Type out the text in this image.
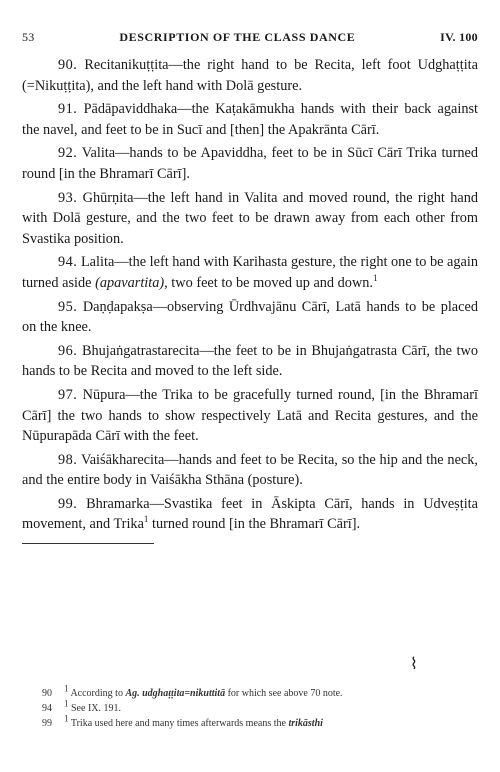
53	DESCRIPTION OF THE CLASS DANCE	IV. 100

90. Recitanikuṭṭita—the right hand to be Recita, left foot Udghaṭṭita (=Nikuṭṭita), and the left hand with Dolā gesture.

91. Pādāpaviddhaka—the Kaṭakāmukha hands with their back against the navel, and feet to be in Sucī and [then] the Apakrānta Cārī.

92. Valita—hands to be Apaviddha, feet to be in Sūcī Cārī Trika turned round [in the Bhramarī Cārī].

93. Ghūrṇita—the left hand in Valita and moved round, the right hand with Dolā gesture, and the two feet to be drawn away from each other from Svastika position.

94. Lalita—the left hand with Karihasta gesture, the right one to be again turned aside (apavartita), two feet to be moved up and down.$^1$

95. Daṇḍapakṣa—observing Ūrdhvajānu Cārī, Latā hands to be placed on the knee.

96. Bhujaṅgatrastarecita—the feet to be in Bhujaṅgatrasta Cārī, the two hands to be Recita and moved to the left side.

97. Nūpura—the Trika to be gracefully turned round, [in the Bhramarī Cārī] the two hands to show respectively Latā and Recita gestures, and the Nūpurapāda Cārī with the feet.

98. Vaiśākharecita—hands and feet to be Recita, so the hip and the neck, and the entire body in Vaiśākha Sthāna (posture).

99. Bhramarka—Svastika feet in Āskipta Cārī, hands in Udveṣṭita movement, and Trika$^1$ turned round [in the Bhramarī Cārī].

⌇
90	$^1$ According to Ag. udghaṭṭita=nikuttitā for which see above 70 note.
94	$^1$ See IX. 191.
99	$^1$ Trika used here and many times afterwards means the trikāsthi
